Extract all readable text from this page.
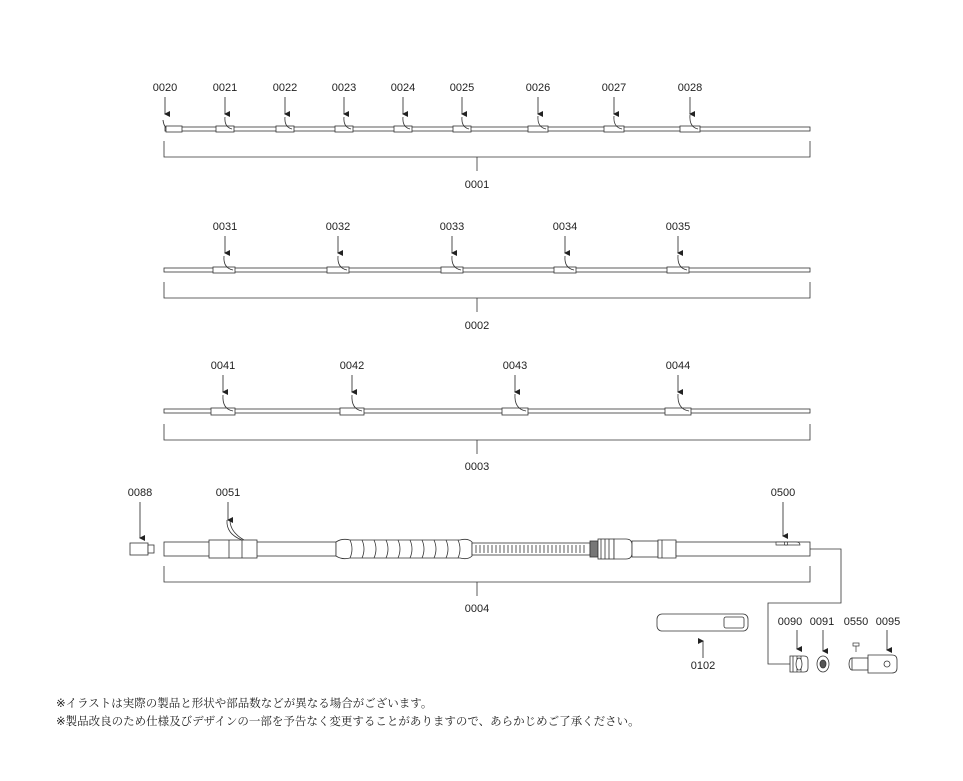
0020	0021	0022	0023	0024	0025	0026	0027	0028
0001
0031	0032	0033	0034	0035
0002
0041	0042	0043	0044
0003
0088	0051	0500
0004
0102
0090 0091 0550 0095
※イラストは実際の製品と形状や部品数などが異なる場合がございます。
※製品改良のため仕様及びデザインの一部を予告なく変更することがありますので、あらかじめご了承ください。
